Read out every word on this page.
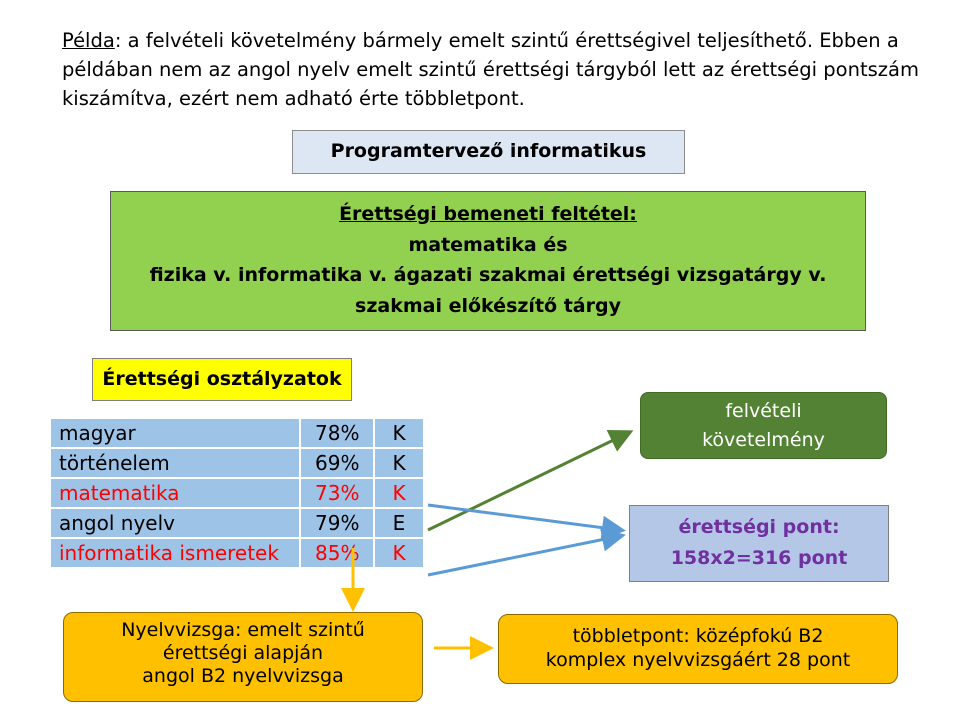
Példa: a felvételi követelmény bármely emelt szintű érettségivel teljesíthető. Ebben a példában nem az angol nyelv emelt szintű érettségi tárgyból lett az érettségi pontszám kiszámítva, ezért nem adható érte többletpont.
Programtervező informatikus
Érettségi bemeneti feltétel:
matematika és
fizika v. informatika v. ágazati szakmai érettségi vizsgatárgy v.
szakmai előkészítő tárgy
Érettségi osztályzatok
magyar	78%	K
történelem	69%	K
matematika	73%	K
angol nyelv	79%	E
informatika ismeretek	85%	K
felvételi
követelmény
érettségi pont:
158x2=316 pont
Nyelvvizsga: emelt szintű
érettségi alapján
angol B2 nyelvvizsga
többletpont: középfokú B2
komplex nyelvvizsgáért 28 pont
